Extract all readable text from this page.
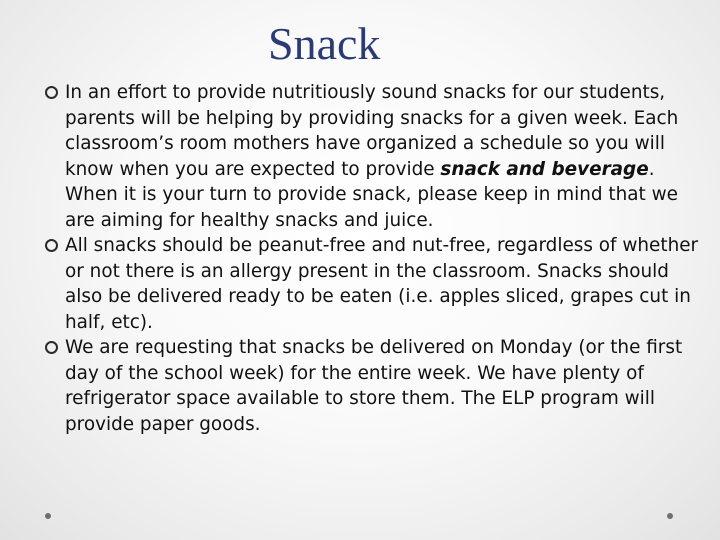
Snack
In an effort to provide nutritiously sound snacks for our students, parents will be helping by providing snacks for a given week. Each classroom’s room mothers have organized a schedule so you will know when you are expected to provide snack and beverage. When it is your turn to provide snack, please keep in mind that we are aiming for healthy snacks and juice.
All snacks should be peanut-free and nut-free, regardless of whether or not there is an allergy present in the classroom. Snacks should also be delivered ready to be eaten (i.e. apples sliced, grapes cut in half, etc).
We are requesting that snacks be delivered on Monday (or the first day of the school week) for the entire week. We have plenty of refrigerator space available to store them. The ELP program will provide paper goods.
